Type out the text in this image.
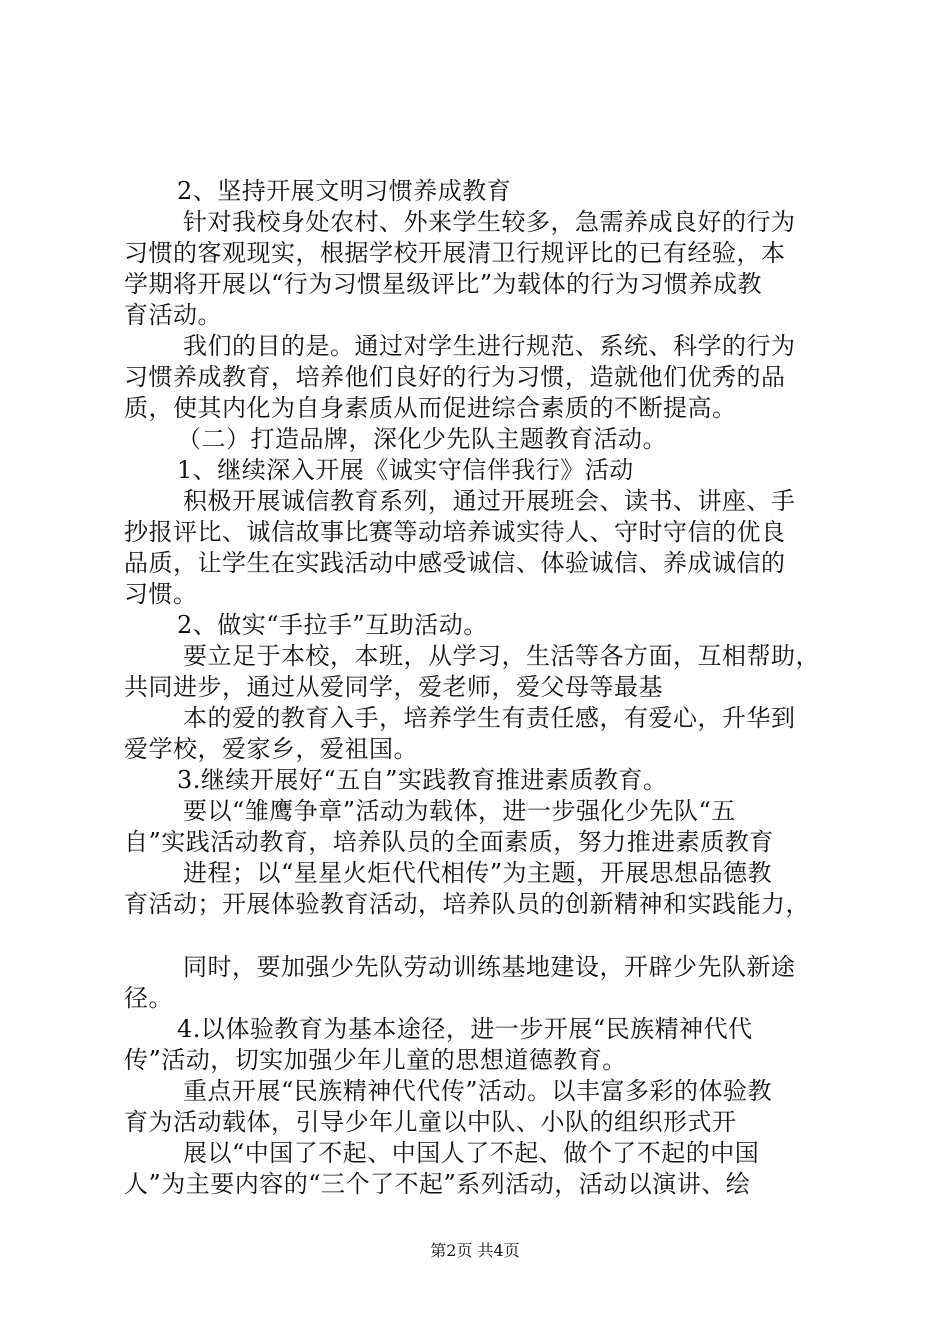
2、坚持开展文明习惯养成教育
针对我校身处农村、外来学生较多，急需养成良好的行为
习惯的客观现实，根据学校开展清卫行规评比的已有经验，本
学期将开展以“行为习惯星级评比”为载体的行为习惯养成教
育活动。
我们的目的是。通过对学生进行规范、系统、科学的行为
习惯养成教育，培养他们良好的行为习惯，造就他们优秀的品
质，使其内化为自身素质从而促进综合素质的不断提高。
（二）打造品牌，深化少先队主题教育活动。
1、继续深入开展《诚实守信伴我行》活动
积极开展诚信教育系列，通过开展班会、读书、讲座、手
抄报评比、诚信故事比赛等动培养诚实待人、守时守信的优良
品质，让学生在实践活动中感受诚信、体验诚信、养成诚信的
习惯。
2、做实“手拉手”互助活动。
要立足于本校，本班，从学习，生活等各方面，互相帮助，
共同进步，通过从爱同学，爱老师，爱父母等最基
本的爱的教育入手，培养学生有责任感，有爱心，升华到
爱学校，爱家乡，爱祖国。
3.继续开展好“五自”实践教育推进素质教育。
要以“雏鹰争章”活动为载体，进一步强化少先队“五
自”实践活动教育，培养队员的全面素质，努力推进素质教育
进程；以“星星火炬代代相传”为主题，开展思想品德教
育活动；开展体验教育活动，培养队员的创新精神和实践能力，
同时，要加强少先队劳动训练基地建设，开辟少先队新途
径。
4.以体验教育为基本途径，进一步开展“民族精神代代
传”活动，切实加强少年儿童的思想道德教育。
重点开展“民族精神代代传”活动。以丰富多彩的体验教
育为活动载体，引导少年儿童以中队、小队的组织形式开
展以“中国了不起、中国人了不起、做个了不起的中国
人”为主要内容的“三个了不起”系列活动，活动以演讲、绘
第2页 共4页
